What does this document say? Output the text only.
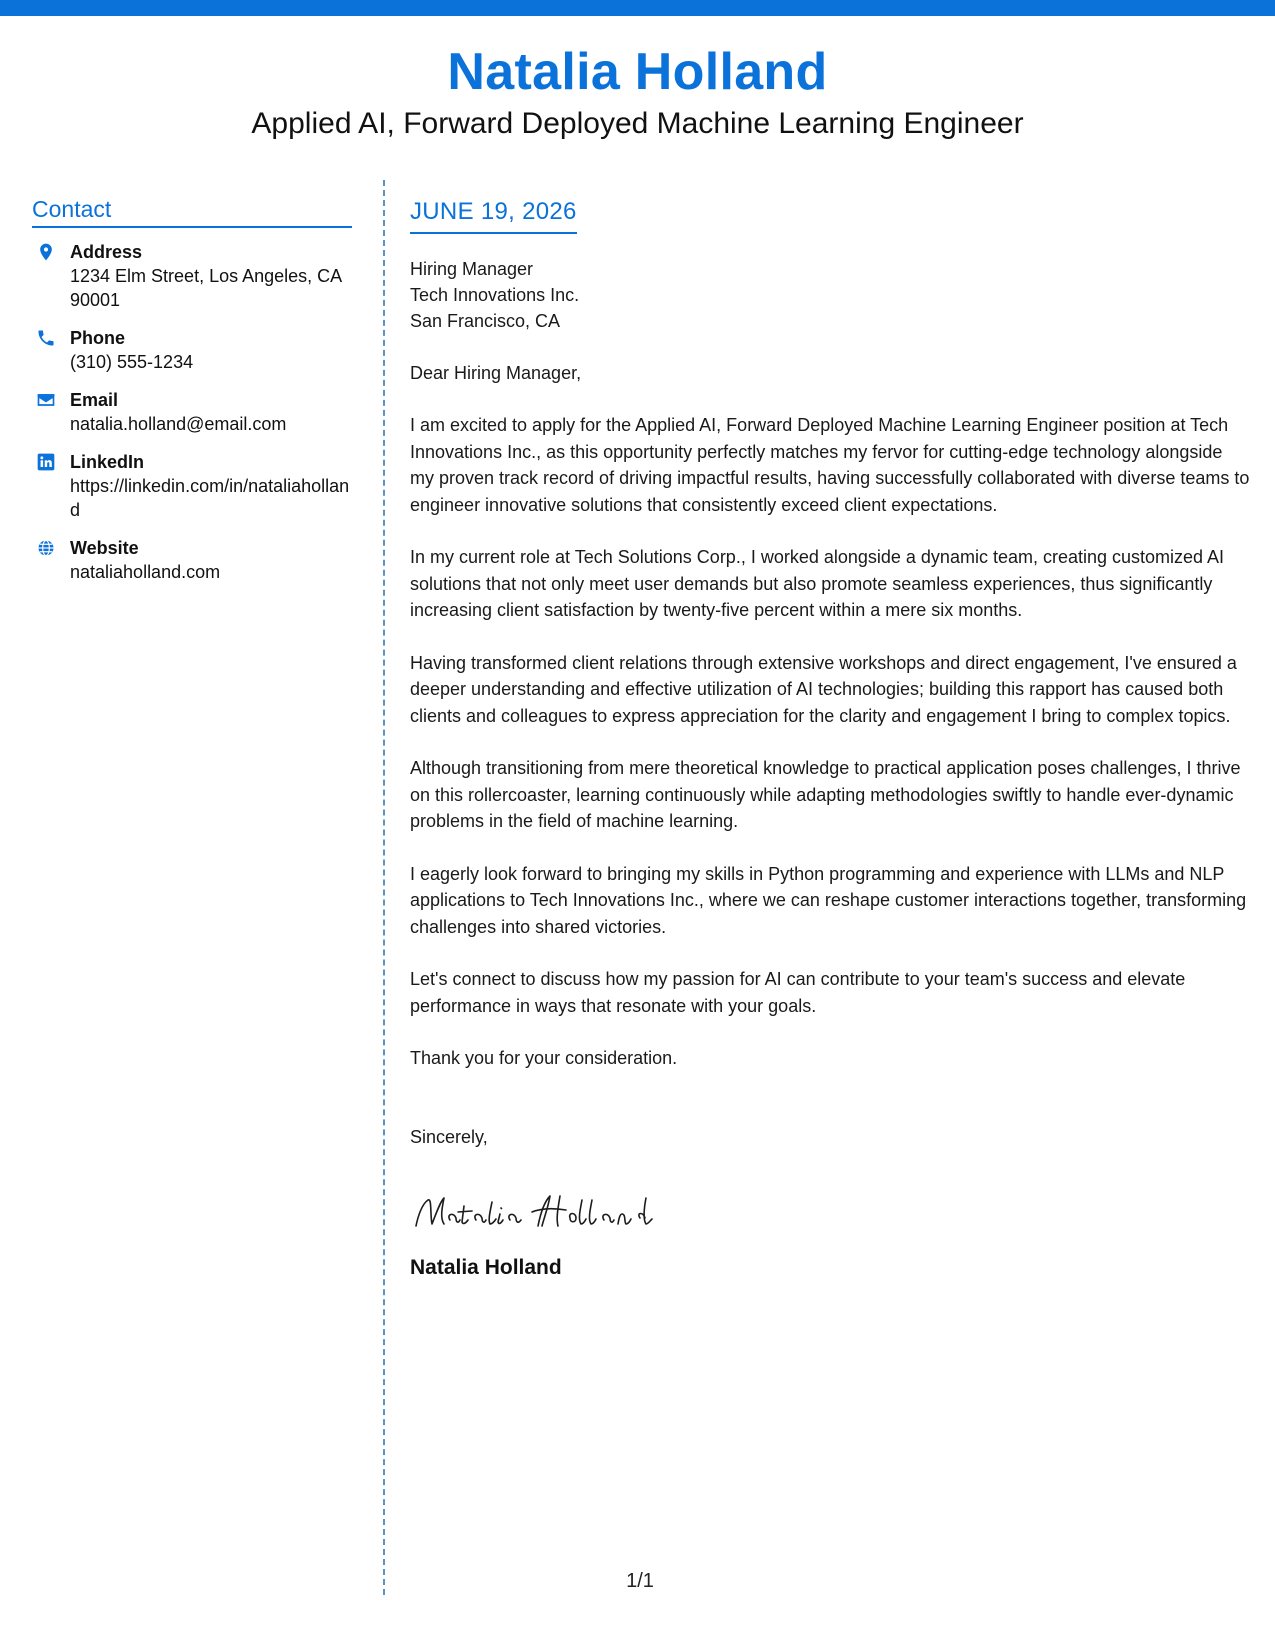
Natalia Holland
Applied AI, Forward Deployed Machine Learning Engineer
Contact
Address
1234 Elm Street, Los Angeles, CA 90001
Phone
(310) 555-1234
Email
natalia.holland@email.com
LinkedIn
https://linkedin.com/in/nataliaholland
Website
nataliaholland.com
JUNE 19, 2026
Hiring Manager
Tech Innovations Inc.
San Francisco, CA
Dear Hiring Manager,
I am excited to apply for the Applied AI, Forward Deployed Machine Learning Engineer position at Tech Innovations Inc., as this opportunity perfectly matches my fervor for cutting-edge technology alongside my proven track record of driving impactful results, having successfully collaborated with diverse teams to engineer innovative solutions that consistently exceed client expectations.
In my current role at Tech Solutions Corp., I worked alongside a dynamic team, creating customized AI solutions that not only meet user demands but also promote seamless experiences, thus significantly increasing client satisfaction by twenty-five percent within a mere six months.
Having transformed client relations through extensive workshops and direct engagement, I've ensured a deeper understanding and effective utilization of AI technologies; building this rapport has caused both clients and colleagues to express appreciation for the clarity and engagement I bring to complex topics.
Although transitioning from mere theoretical knowledge to practical application poses challenges, I thrive on this rollercoaster, learning continuously while adapting methodologies swiftly to handle ever-dynamic problems in the field of machine learning.
I eagerly look forward to bringing my skills in Python programming and experience with LLMs and NLP applications to Tech Innovations Inc., where we can reshape customer interactions together, transforming challenges into shared victories.
Let's connect to discuss how my passion for AI can contribute to your team's success and elevate performance in ways that resonate with your goals.
Thank you for your consideration.
Sincerely,
Natalia Holland
1/1
